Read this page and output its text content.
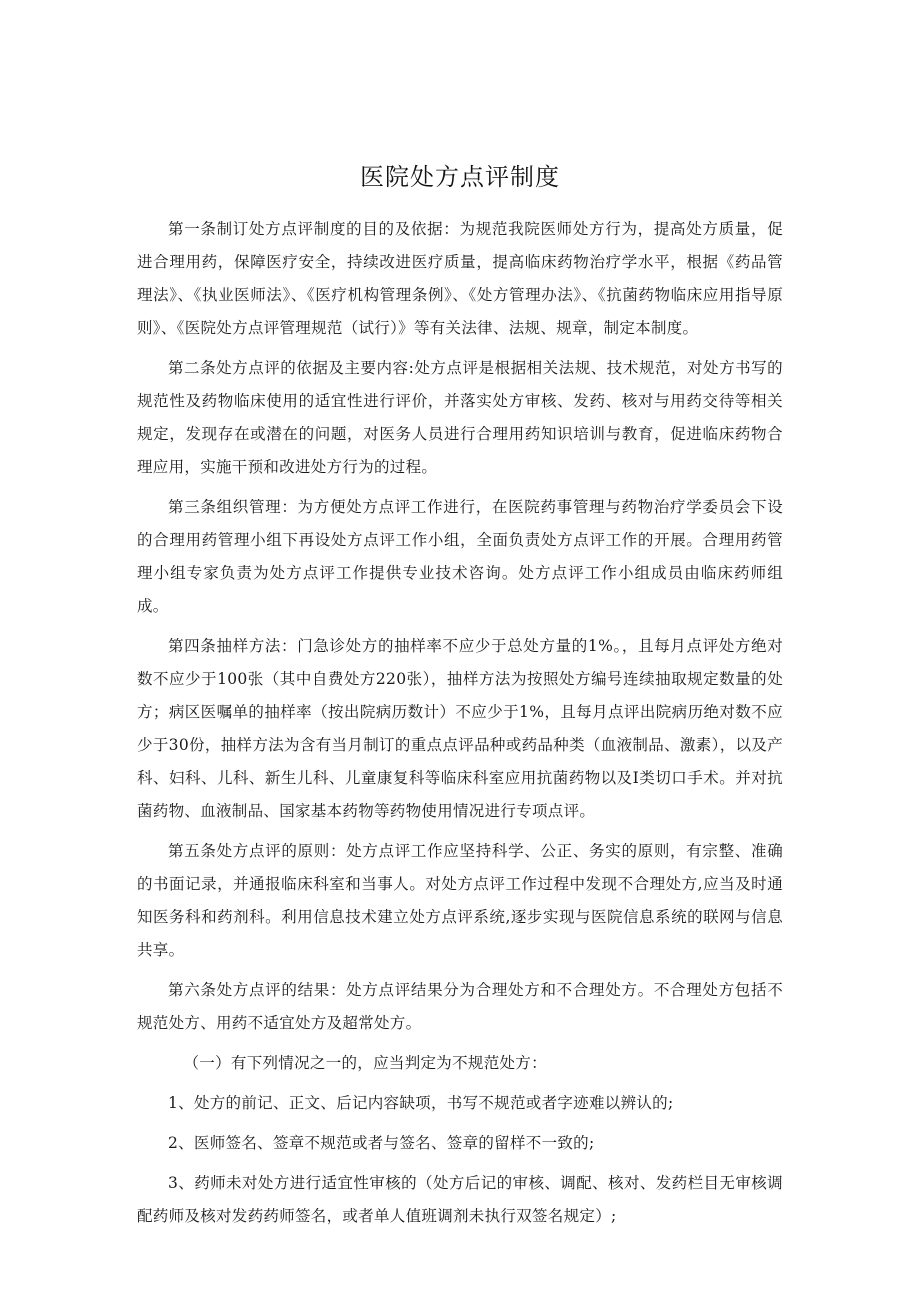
医院处方点评制度

第一条制订处方点评制度的目的及依据：为规范我院医师处方行为，提高处方质量，促进合理用药，保障医疗安全，持续改进医疗质量，提高临床药物治疗学水平，根据《药品管理法》、《执业医师法》、《医疗机构管理条例》、《处方管理办法》、《抗菌药物临床应用指导原则》、《医院处方点评管理规范（试行）》等有关法律、法规、规章，制定本制度。

第二条处方点评的依据及主要内容:处方点评是根据相关法规、技术规范，对处方书写的规范性及药物临床使用的适宜性进行评价，并落实处方审核、发药、核对与用药交待等相关规定，发现存在或潜在的问题，对医务人员进行合理用药知识培训与教育，促进临床药物合理应用，实施干预和改进处方行为的过程。

第三条组织管理：为方便处方点评工作进行，在医院药事管理与药物治疗学委员会下设的合理用药管理小组下再设处方点评工作小组，全面负责处方点评工作的开展。合理用药管理小组专家负责为处方点评工作提供专业技术咨询。处方点评工作小组成员由临床药师组成。

第四条抽样方法：门急诊处方的抽样率不应少于总处方量的1%。，且每月点评处方绝对数不应少于100张（其中自费处方220张），抽样方法为按照处方编号连续抽取规定数量的处方；病区医嘱单的抽样率（按出院病历数计）不应少于1%，且每月点评出院病历绝对数不应少于30份，抽样方法为含有当月制订的重点点评品种或药品种类（血液制品、激素），以及产科、妇科、儿科、新生儿科、儿童康复科等临床科室应用抗菌药物以及Ⅰ类切口手术。并对抗菌药物、血液制品、国家基本药物等药物使用情况进行专项点评。

第五条处方点评的原则：处方点评工作应坚持科学、公正、务实的原则，有宗整、准确的书面记录，并通报临床科室和当事人。对处方点评工作过程中发现不合理处方,应当及时通知医务科和药剂科。利用信息技术建立处方点评系统,逐步实现与医院信息系统的联网与信息共享。

第六条处方点评的结果：处方点评结果分为合理处方和不合理处方。不合理处方包括不规范处方、用药不适宜处方及超常处方。

（一）有下列情况之一的，应当判定为不规范处方：

1、处方的前记、正文、后记内容缺项，书写不规范或者字迹难以辨认的;

2、医师签名、签章不规范或者与签名、签章的留样不一致的;

3、药师未对处方进行适宜性审核的（处方后记的审核、调配、核对、发药栏目无审核调配药师及核对发药药师签名，或者单人值班调剂未执行双签名规定）;
